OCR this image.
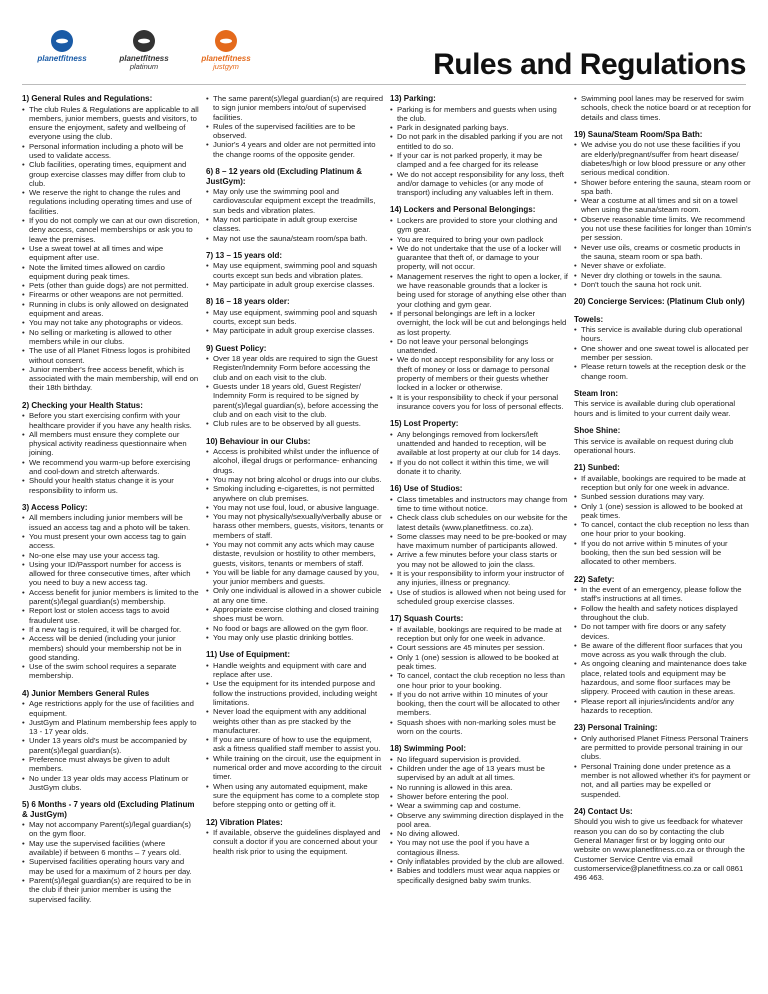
planetfitness	planetfitness
platinum
planetfitness
justgym	Rules and Regulations
1) General Rules and Regulations:
• The club Rules & Regulations are applicable to all members, junior members, guests and visitors, to ensure the enjoyment, safety and wellbeing of everyone using the club.
• Personal information including a photo will be used to validate access.
• Club facilities, operating times, equipment and group exercise classes may differ from club to club.
• We reserve the right to change the rules and regulations including operating times and use of facilities.
• If you do not comply we can at our own discretion, deny access, cancel memberships or ask you to leave the premises.
• Use a sweat towel at all times and wipe equipment after use.
• Note the limited times allowed on cardio equipment during peak times.
• Pets (other than guide dogs) are not permitted.
• Firearms or other weapons are not permitted.
• Running in clubs is only allowed on designated equipment and areas.
• You may not take any photographs or videos.
• No selling or marketing is allowed to other members while in our clubs.
• The use of all Planet Fitness logos is prohibited without consent.
• Junior member's free access benefit, which is associated with the main membership, will end on their 18th birthday.
2) Checking your Health Status:
• Before you start exercising confirm with your healthcare provider if you have any health risks.
• All members must ensure they complete our physical activity readiness questionnaire when joining.
• We recommend you warm-up before exercising and cool-down and stretch afterwards.
• Should your health status change it is your responsibility to inform us.
3) Access Policy:
• All members including junior members will be issued an access tag and a photo will be taken.
• You must present your own access tag to gain access.
• No-one else may use your access tag.
• Using your ID/Passport number for access is allowed for three consecutive times, after which you need to buy a new access tag.
• Access benefit for junior members is limited to the parent(s)/legal guardian(s) membership.
• Report lost or stolen access tags to avoid fraudulent use.
• If a new tag is required, it will be charged for.
• Access will be denied (including your junior members) should your membership not be in good standing.
• Use of the swim school requires a separate membership.
4) Junior Members General Rules
• Age restrictions apply for the use of facilities and equipment.
• JustGym and Platinum membership fees apply to 13 - 17 year olds.
• Under 13 years old's must be accompanied by parent(s)/legal guardian(s).
• Preference must always be given to adult members.
• No under 13 year olds may access Platinum or JustGym clubs.
5) 6 Months - 7 years old (Excluding Platinum & JustGym)
• May not accompany Parent(s)/legal guardian(s) on the gym floor.
• May use the supervised facilities (where available) if between 6 months – 7 years old.
• Supervised facilities operating hours vary and may be used for a maximum of 2 hours per day.
• Parent(s)/legal guardian(s) are required to be in the club if their junior member is using the supervised facility.
• The same parent(s)/legal guardian(s) are required to sign junior members into/out of supervised facilities.
• Rules of the supervised facilities are to be observed.
• Junior's 4 years and older are not permitted into the change rooms of the opposite gender.
6) 8 – 12 years old (Excluding Platinum & JustGym):
• May only use the swimming pool and cardiovascular equipment except the treadmills, sun beds and vibration plates.
• May not participate in adult group exercise classes.
• May not use the sauna/steam room/spa bath.
7) 13 – 15 years old:
• May use equipment, swimming pool and squash courts except sun beds and vibration plates.
• May participate in adult group exercise classes.
8) 16 – 18 years older:
• May use equipment, swimming pool and squash courts, except sun beds.
• May participate in adult group exercise classes.
9) Guest Policy:
• Over 18 year olds are required to sign the Guest Register/Indemnity Form before accessing the club and on each visit to the club.
• Guests under 18 years old, Guest Register/ Indemnity Form is required to be signed by parent(s)/legal guardian(s), before accessing the club and on each visit to the club.
• Club rules are to be observed by all guests.
10) Behaviour in our Clubs:
• Access is prohibited whilst under the influence of alcohol, illegal drugs or performance- enhancing drugs.
• You may not bring alcohol or drugs into our clubs.
• Smoking including e-cigarettes, is not permitted anywhere on club premises.
• You may not use foul, loud, or abusive language.
• You may not physically/sexually/verbally abuse or harass other members, guests, visitors, tenants or members of staff.
• You may not commit any acts which may cause distaste, revulsion or hostility to other members, guests, visitors, tenants or members of staff.
• You will be liable for any damage caused by you, your junior members and guests.
• Only one individual is allowed in a shower cubicle at any one time.
• Appropriate exercise clothing and closed training shoes must be worn.
• No food or bags are allowed on the gym floor.
• You may only use plastic drinking bottles.
11) Use of Equipment:
• Handle weights and equipment with care and replace after use.
• Use the equipment for its intended purpose and follow the instructions provided, including weight limitations.
• Never load the equipment with any additional weights other than as pre stacked by the manufacturer.
• If you are unsure of how to use the equipment, ask a fitness qualified staff member to assist you.
• While training on the circuit, use the equipment in numerical order and move according to the circuit timer.
• When using any automated equipment, make sure the equipment has come to a complete stop before stepping onto or getting off it.
12) Vibration Plates:
• If available, observe the guidelines displayed and consult a doctor if you are concerned about your health risk prior to using the equipment.
13) Parking:
• Parking is for members and guests when using the club.
• Park in designated parking bays.
• Do not park in the disabled parking if you are not entitled to do so.
• If your car is not parked properly, it may be clamped and a fee charged for its release
• We do not accept responsibility for any loss, theft and/or damage to vehicles (or any mode of transport) including any valuables left in them.
14) Lockers and Personal Belongings:
• Lockers are provided to store your clothing and gym gear.
• You are required to bring your own padlock
• We do not undertake that the use of a locker will guarantee that theft of, or damage to your property, will not occur.
• Management reserves the right to open a locker, if we have reasonable grounds that a locker is being used for storage of anything else other than your clothing and gym gear.
• If personal belongings are left in a locker overnight, the lock will be cut and belongings held as lost property.
• Do not leave your personal belongings unattended.
• We do not accept responsibility for any loss or theft of money or loss or damage to personal property of members or their guests whether locked in a locker or otherwise.
• It is your responsibility to check if your personal insurance covers you for loss of personal effects.
15) Lost Property:
• Any belongings removed from lockers/left unattended and handed to reception, will be available at lost property at our club for 14 days.
• If you do not collect it within this time, we will donate it to charity.
16) Use of Studios:
• Class timetables and instructors may change from time to time without notice.
• Check class club schedules on our website for the latest details (www.planetfitness. co.za).
• Some classes may need to be pre-booked or may have maximum number of participants allowed.
• Arrive a few minutes before your class starts or you may not be allowed to join the class.
• It is your responsibility to inform your instructor of any injuries, illness or pregnancy.
• Use of studios is allowed when not being used for scheduled group exercise classes.
17) Squash Courts:
• If available, bookings are required to be made at reception but only for one week in advance.
• Court sessions are 45 minutes per session.
• Only 1 (one) session is allowed to be booked at peak times.
• To cancel, contact the club reception no less than one hour prior to your booking.
• If you do not arrive within 10 minutes of your booking, then the court will be allocated to other members.
• Squash shoes with non-marking soles must be worn on the courts.
18) Swimming Pool:
• No lifeguard supervision is provided.
• Children under the age of 13 years must be supervised by an adult at all times.
• No running is allowed in this area.
• Shower before entering the pool.
• Wear a swimming cap and costume.
• Observe any swimming direction displayed in the pool area.
• No diving allowed.
• You may not use the pool if you have a contagious illness.
• Only inflatables provided by the club are allowed.
• Babies and toddlers must wear aqua nappies or specifically designed baby swim trunks.
• Swimming pool lanes may be reserved for swim schools, check the notice board or at reception for details and class times.
19) Sauna/Steam Room/Spa Bath:
• We advise you do not use these facilities if you are elderly/pregnant/suffer from heart disease/ diabetes/high or low blood pressure or any other serious medical condition.
• Shower before entering the sauna, steam room or spa bath.
• Wear a costume at all times and sit on a towel when using the sauna/steam room.
• Observe reasonable time limits. We recommend you not use these facilities for longer than 10min's per session.
• Never use oils, creams or cosmetic products in the sauna, steam room or spa bath.
• Never shave or exfoliate.
• Never dry clothing or towels in the sauna.
• Don't touch the sauna hot rock unit.
20) Concierge Services: (Platinum Club only)
Towels:
• This service is available during club operational hours.
• One shower and one sweat towel is allocated per member per session.
• Please return towels at the reception desk or the change room.
Steam Iron:

This service is available during club operational hours and is limited to your current daily wear.

Shoe Shine:

This service is available on request during club operational hours.

21) Sunbed:
• If available, bookings are required to be made at reception but only for one week in advance.
• Sunbed session durations may vary.
• Only 1 (one) session is allowed to be booked at peak times.
• To cancel, contact the club reception no less than one hour prior to your booking.
• If you do not arrive within 5 minutes of your booking, then the sun bed session will be allocated to other members.
22) Safety:
• In the event of an emergency, please follow the staff's instructions at all times.
• Follow the health and safety notices displayed throughout the club.
• Do not tamper with fire doors or any safety devices.
• Be aware of the different floor surfaces that you move across as you walk through the club.
• As ongoing cleaning and maintenance does take place, related tools and equipment may be hazardous, and some floor surfaces may be slippery. Proceed with caution in these areas.
• Please report all injuries/incidents and/or any hazards to reception.
23) Personal Training:
• Only authorised Planet Fitness Personal Trainers are permitted to provide personal training in our clubs.
• Personal Training done under pretence as a member is not allowed whether it's for payment or not, and all parties may be expelled or suspended.
24) Contact Us:

Should you wish to give us feedback for whatever reason you can do so by contacting the club General Manager first or by logging onto our website on www.planetfitness.co.za or through the Customer Service Centre via email customerservice@planetfitness.co.za or call 0861 496 463.
